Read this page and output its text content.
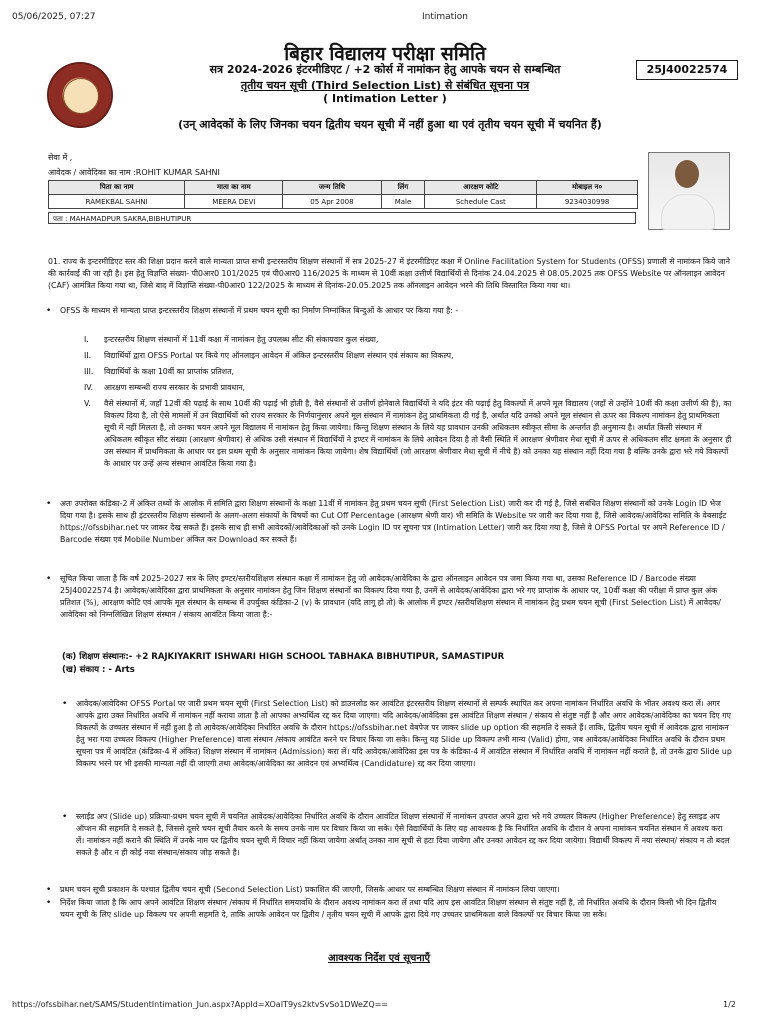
05/06/2025, 07:27	Intimation
बिहार विद्यालय परीक्षा समिति
सत्र 2024-2026 इंटरमीडिएट / +2 कोर्स में नामांकन हेतु आपके चयन से सम्बन्धित
तृतीय चयन सूची (Third Selection List) से संबंधित सूचना पत्र
( Intimation Letter )
25J40022574
(उन् आवेदकों के लिए जिनका चयन द्वितीय चयन सूची में नहीं हुआ था एवं तृतीय चयन सूची में चयनित हैं)
सेवा में ,
आवेदक / आवेदिका का नाम :ROHIT KUMAR SAHNI
पिता का नाम	माता का नाम	जन्म तिथि	लिंग	आरक्षण कोटि	मोबाइल न०
RAMEKBAL SAHNI	MEERA DEVI	05 Apr 2008	Male	Schedule Cast	9234030998
पता : MAHAMADPUR SAKRA,BIBHUTIPUR
01. राज्य के इन्टरमीडिएट स्तर की शिक्षा प्रदान करने वाले मान्यता प्राप्त सभी इन्टरस्तरीय शिक्षण संस्थानों में सत्र 2025-27 में इंटरमीडिएट कक्षा में Online Facilitation System for Students (OFSS) प्रणाली से नामांकन किये जाने की कार्रवाई की जा रही है। इस हेतु विज्ञप्ति संख्या- पी0आर0 101/2025 एवं पी0आर0 116/2025 के माध्यम से 10वीं कक्षा उत्तीर्ण विद्यार्थियों से दिनांक 24.04.2025 से 08.05.2025 तक OFSS Website पर ऑनलाइन आवेदन (CAF) आमंत्रित किया गया था, जिसे बाद में विज्ञप्ति संख्या-पी0आर0 122/2025 के माध्यम से दिनांक-20.05.2025 तक ऑनलाइन आवेदन भरने की तिथि विस्तारित किया गया था।
• OFSS के माध्यम से मान्यता प्राप्त इन्टरस्तरीय शिक्षण संस्थानों में प्रथम चयन सूची का निर्माण निम्नांकित बिन्दुओं के आधार पर किया गया है: -
I.	इन्टरस्तरीय शिक्षण संस्थानों में 11वीं कक्षा में नामांकन हेतु उपलब्ध सीट की संकायवार कुल संख्या,
II.	विद्यार्थियों द्वारा OFSS Portal पर किये गए ऑनलाइन आवेदन में अंकित इन्टरस्तरीय शिक्षण संस्थान एवं संकाय का विकल्प,
III.	विद्यार्थियों के कक्षा 10वीं का प्राप्तांक प्रतिशत,
IV.	आरक्षण सम्बन्धी राज्य सरकार के प्रभावी प्रावधान,
V.	वैसे संस्थानों में, जहाँ 12वीं की पढ़ाई के साथ 10वीं की पढ़ाई भी होती है, वैसे संस्थानों से उत्तीर्ण होनेवाले विद्यार्थियों ने यदि इंटर की पढ़ाई हेतु विकल्पों में अपने मूल विद्यालय (जहाँ से उन्होंने 10वीं की कक्षा उत्तीर्ण की है), का विकल्प दिया है, तो ऐसे मामलों में उन विद्यार्थियों को राज्य सरकार के निर्णयानुसार अपने मूल संस्थान में नामांकन हेतु प्राथमिकता दी गई है, अर्थात यदि उनको अपने मूल संस्थान से ऊपर का विकल्प नामांकन हेतु प्राथमिकता सूची में नहीं मिलता है, तो उनका चयन अपने मूल विद्यालय में नामांकन हेतु किया जायेगा। किन्तु शिक्षण संस्थान के लिये यह प्रावधान उनकी अधिकतम स्वीकृत सीमा के अन्तर्गत ही अनुमान्य है। अर्थात किसी संस्थान में अधिकतम स्वीकृत सीट संख्या (आरक्षण श्रेणीवार) से अधिक उसी संस्थान में विद्यार्थियों ने इण्टर में नामांकन के लिये आवेदन दिया है तो वैसी स्थिति में आरक्षण श्रेणीवार मेधा सूची में ऊपर से अधिकतम सीट क्षमता के अनुसार ही उस संस्थान में प्राथमिकता के आधार पर इस प्रथम सूची के अनुसार नामांकन किया जायेगा। शेष विद्यार्थियों (जो आरक्षण श्रेणीवार मेधा सूची में नीचे है) को उनका यह संस्थान नहीं दिया गया है बल्कि उनके द्वारा भरे गये विकल्पों के आधार पर उन्हें अन्य संस्थान आवंटित किया गया है।
• अतः उपरोक्त कंडिका-2 में अंकित तथ्यों के आलोक में समिति द्वारा शिक्षण संस्थानों के कक्षा 11वीं में नामांकन हेतु प्रथम चयन सूची (First Selection List) जारी कर दी गई है, जिसे सबंधित शिक्षण संस्थानों को उनके Login ID भेज दिया गया है। इसके साथ ही इंटरस्तरीय शिक्षण संस्थानों के अलग-अलग संकायों के विषयों का Cut Off Percentage (आरक्षण श्रेणी वार) भी समिति के Website पर जारी कर दिया गया है, जिसे आवेदक/आवेदिका समिति के वेबसाईट https://ofssbihar.net पर जाकर देख सकते हैं। इसके साथ ही सभी आवेदकों/आवेदिकाओं को उनके Login ID पर सूचना पत्र (Intimation Letter) जारी कर दिया गया है, जिसे वे OFSS Portal पर अपने Reference ID / Barcode संख्या एवं Mobile Number अंकित कर Download कर सकते हैं।
• सूचित किया जाता है कि वर्ष 2025-2027 सत्र के लिए इण्टर/स्तरीयशिक्षण संस्थान कक्षा में नामांकन हेतु जो आवेदक/आवेदिका के द्वारा ऑनलाइन आवेदन पत्र जमा किया गया था, उसका Reference ID / Barcode संख्या 25J40022574 है। आवेदक/आवेदिका द्वारा प्राथमिकता के अनुसार नामांकन हेतु जिन शिक्षण संस्थानों का विकल्प दिया गया है, उनमें से आवेदक/आवेदिका द्वारा भरे गए प्राप्तांक के आधार पर, 10वीं कक्षा की परीक्षा में प्राप्त कुल अंक प्रतिशत (%), आरक्षण कोटि एवं आपके मूल संस्थान के सम्बन्ध में उपर्युक्त कंडिका-2 (v) के प्रावधान (यदि लागू हो तो) के आलोक में इण्टर /स्तरीयशिक्षण संस्थान में नामांकन हेतु प्रथम चयन सूची (First Selection List) में आवेदक/आवेदिका को निम्नलिखित शिक्षण संस्थान / संकाय आवंटित किया जाता है:-
(क) शिक्षण संस्थानः:- +2 RAJKIYAKRIT ISHWARI HIGH SCHOOL TABHAKA BIBHUTIPUR, SAMASTIPUR
(ख) संकाय : - Arts
• आवेदक/आवेदिका OFSS Portal पर जारी प्रथम चयन सूची (First Selection List) को डाउनलोड कर आवंटित इंटरस्तरीय शिक्षण संस्थानों से सम्पर्क स्थापित कर अपना नामांकन निर्धारित अवधि के भीतर अवश्य करा लें। अगर आपके द्वारा उक्त निर्धारित अवधि में नामांकन नहीं कराया जाता है तो आपका अभ्यर्थित्व रद्द कर दिया जाएगा। यदि आवेदक/आवेदिका इस आवंटित शिक्षण संस्थान / संकाय से संतुष्ट नहीं है और अगर आवेदक/आवेदिका का चयन दिए गए विकल्पों के उच्चतर संस्थान में नहीं हुआ है तो आवेदक/आवेदिका निर्धारित अवधि के दौरान https://ofssbihar.net वेबपेज पर जाकर slide up option की सहमति दे सकते हैं। ताकि, द्वितीय चयन सूची में आवेदक द्वारा नामांकन हेतु भरा गया उच्चतर विकल्प (Higher Preference) वाला संस्थान /संकाय आवंटित करने पर विचार किया जा सके। किन्तु यह Slide up विकल्प तभी मान्य (Valid) होगा, जब आवेदक/आवेदिका निर्धारित अवधि के दौरान प्रथम सूचना पत्र में आवंटित (कंडिका-4 में अंकित) शिक्षण संस्थान में नामांकन (Admission) करा लें। यदि आवेदक/आवेदिका इस पत्र के कंडिका-4 में आवंटित संस्थान में निर्धारित अवधि में नामांकन नहीं कराते है, तो उनके द्वारा Slide up विकल्प भरने पर भी इसकी मान्यता नहीं दी जाएगी तथा आवेदक/आवेदिका का आवेदन एवं अभ्यर्थित्व (Candidature) रद्द कर दिया जाएगा।
• स्लाईड अप (Slide up) प्रक्रियाः-प्रथम चयन सूची में चयनित आवेदक/आवेदिका निर्धारित अवधि के दौरान आवंटित शिक्षण संस्थानों में नामांकन उपरात अपने द्वारा भरे गये उच्चतर विकल्प (Higher Preference) हेतु स्लाइड अप ऑप्शन की सहमति दे सकते है, जिससे दूसरे चयन सूची तैयार करने के समय उनके नाम पर विचार किया जा सके। ऐसे विद्यार्थियों के लिए यह आवश्यक है कि निर्धारित अवधि के दौरान वे अपना नामांकन चयनित संस्थान में अवश्य करा लें। नामांकन नहीं कराने की स्थिति में उनके नाम पर द्वितीय चयन सूची में विचार नहीं किया जायेगा अर्थात् उनका नाम सूची से हटा दिया जायेगा और उनका आवेदन रद्द कर दिया जायेगा। विद्यार्थी विकल्प में नया संस्थान/ संकाय न तो बदल सकते है और न ही कोई नया संस्थान/संकाय जोड़ सकते है।
• प्रथम चयन सूची प्रकाशन के पश्चात द्वितीय चयन सूची (Second Selection List) प्रकाशित की जाएगी, जिसके आधार पर सम्बन्धित शिक्षण संस्थान में नामांकन लिया जाएगा।
• निर्देश किया जाता है कि आप अपने आवंटित शिक्षण संस्थान /संकाय में निर्धारित समयावधि के दौरान अवश्य नामांकन करा लें तथा यदि आप इस आवंटित शिक्षण संस्थान से संतुष्ट नहीं है, तो निर्धारित अवधि के दौरान किसी भी दिन द्वितीय चयन सूची के लिए slide up विकल्प पर अपनी सहमति दे, ताकि आपके आवेदन पर द्वितीय / तृतीय चयन सूची में आपके द्वारा दिये गए उच्चतर प्राथमिकता वाले विकल्पों पर विचार किया जा सके।
आवश्यक निर्देश एवं सूचनाएँ
https://ofssbihar.net/SAMS/StudentIntimation_Jun.aspx?AppId=XOaIT9ys2ktvSvSo1DWeZQ==	1/2
